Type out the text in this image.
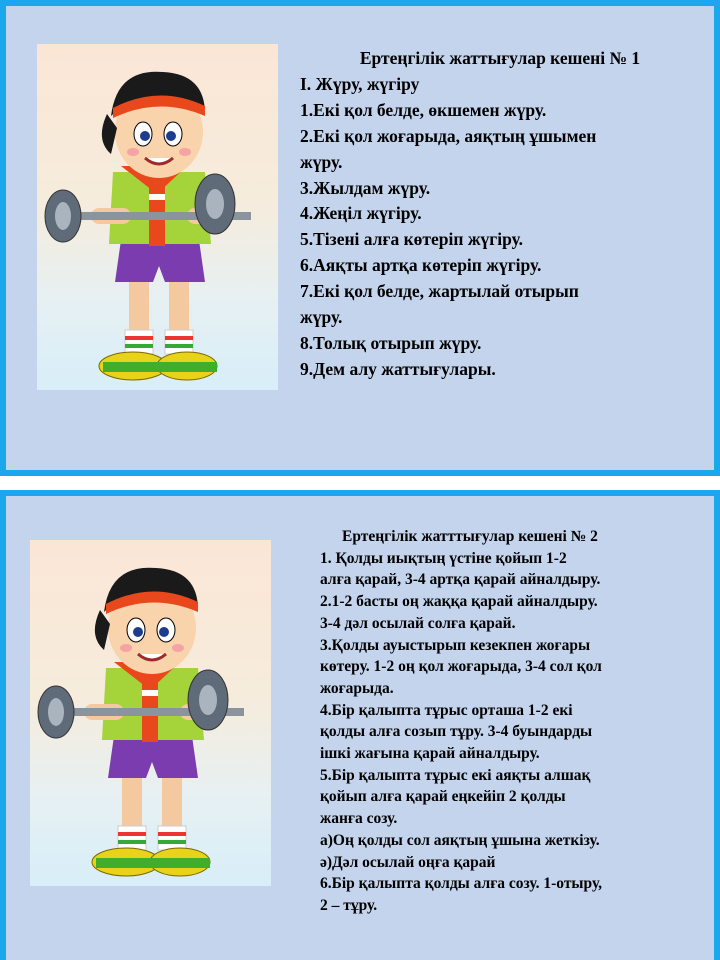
Ертеңгілік жаттығулар кешені № 1
І. Жүру, жүгіру
1.Екі қол белде, өкшемен жүру.
2.Екі қол жоғарыда, аяқтың ұшымен
жүру.
3.Жылдам жүру.
4.Жеңіл жүгіру.
5.Тізені алға көтеріп жүгіру.
6.Аяқты артқа көтеріп жүгіру.
7.Екі қол белде, жартылай отырып
жүру.
8.Толық отырып жүру.
9.Дем алу жаттығулары.
Ертеңгілік жатттығулар кешені № 2
1. Қолды иықтың үстіне қойып 1-2
алға қарай, 3-4 артқа қарай айналдыру.
2.1-2 басты оң жаққа қарай айналдыру.
3-4 дәл осылай солға қарай.
3.Қолды ауыстырып кезекпен жоғары
көтеру. 1-2 оң қол жоғарыда, 3-4 сол қол
жоғарыда.
4.Бір қалыпта тұрыс орташа 1-2 екі
қолды алға созып тұру. 3-4 буындарды
ішкі жағына қарай айналдыру.
5.Бір қалыпта тұрыс екі аяқты алшақ
қойып алға қарай еңкейіп 2 қолды
жанға созу.
а)Оң қолды сол аяқтың ұшына жеткізу.
ә)Дәл осылай оңға қарай
6.Бір қалыпта қолды алға созу. 1-отыру,
2 – тұру.
